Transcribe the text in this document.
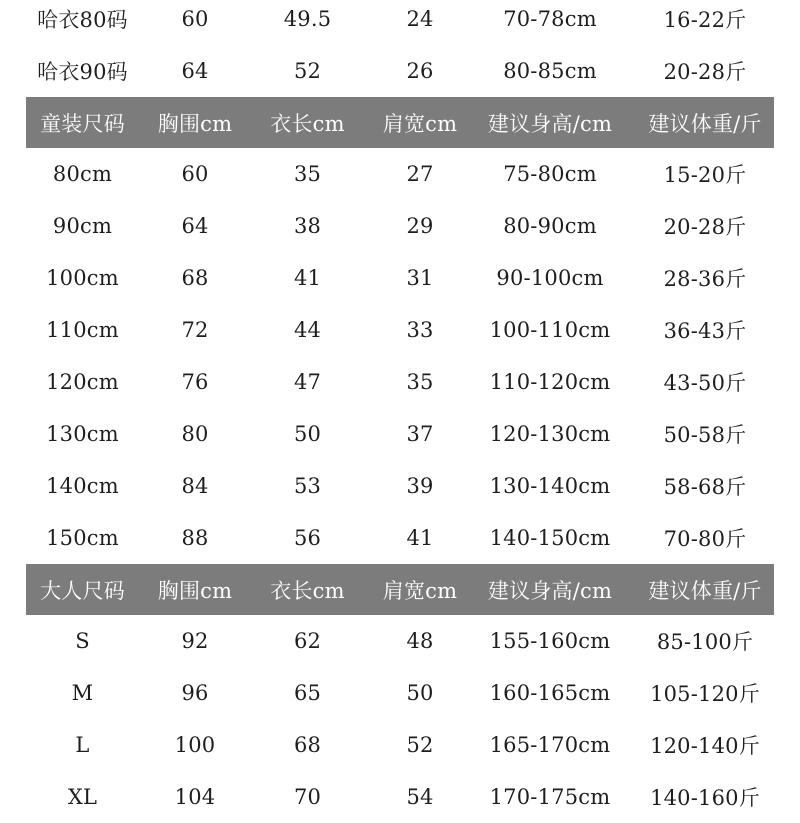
哈衣80码	60	49.5	24	70-78cm	16-22斤
哈衣90码	64	52	26	80-85cm	20-28斤
童装尺码	胸围cm	衣长cm	肩宽cm	建议身高/cm	建议体重/斤
80cm	60	35	27	75-80cm	15-20斤
90cm	64	38	29	80-90cm	20-28斤
100cm	68	41	31	90-100cm	28-36斤
110cm	72	44	33	100-110cm	36-43斤
120cm	76	47	35	110-120cm	43-50斤
130cm	80	50	37	120-130cm	50-58斤
140cm	84	53	39	130-140cm	58-68斤
150cm	88	56	41	140-150cm	70-80斤
大人尺码	胸围cm	衣长cm	肩宽cm	建议身高/cm	建议体重/斤
S	92	62	48	155-160cm	85-100斤
M	96	65	50	160-165cm	105-120斤
L	100	68	52	165-170cm	120-140斤
XL	104	70	54	170-175cm	140-160斤
